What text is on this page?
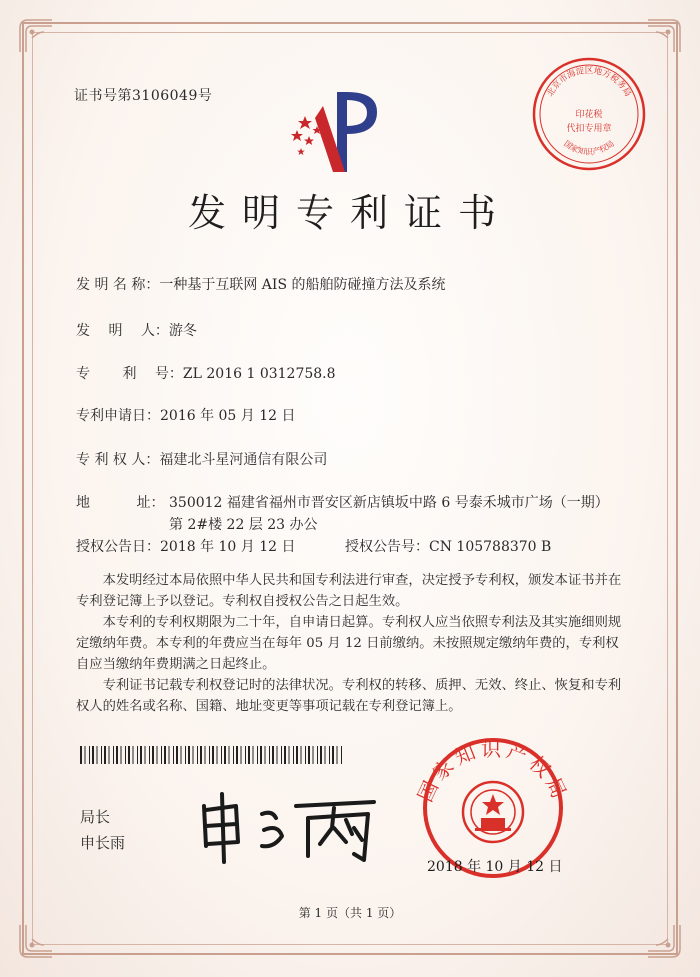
证书号第3106049号	北京市海淀区地方税务局
国家知识产权局
印花税
代扣专用章
发明专利证书
发 明 名 称：一种基于互联网 AIS 的船舶防碰撞方法及系统
发　 明　 人：游冬
专　　 利　 号：ZL 2016 1 0312758.8
专利申请日：2016 年 05 月 12 日
专 利 权 人：福建北斗星河通信有限公司
地　　　 址： 350012 福建省福州市晋安区新店镇坂中路 6 号泰禾城市广场（一期）第 2#楼 22 层 23 办公
授权公告日：2018 年 10 月 12 日	授权公告号：CN 105788370 B

本发明经过本局依照中华人民共和国专利法进行审查，决定授予专利权，颁发本证书并在专利登记簿上予以登记。专利权自授权公告之日起生效。

本专利的专利权期限为二十年，自申请日起算。专利权人应当依照专利法及其实施细则规定缴纳年费。本专利的年费应当在每年 05 月 12 日前缴纳。未按照规定缴纳年费的，专利权自应当缴纳年费期满之日起终止。

专利证书记载专利权登记时的法律状况。专利权的转移、质押、无效、终止、恢复和专利权人的姓名或名称、国籍、地址变更等事项记载在专利登记簿上。

局长
申长雨
国家知识产权局
2018 年 10 月 12 日
第 1 页（共 1 页）
